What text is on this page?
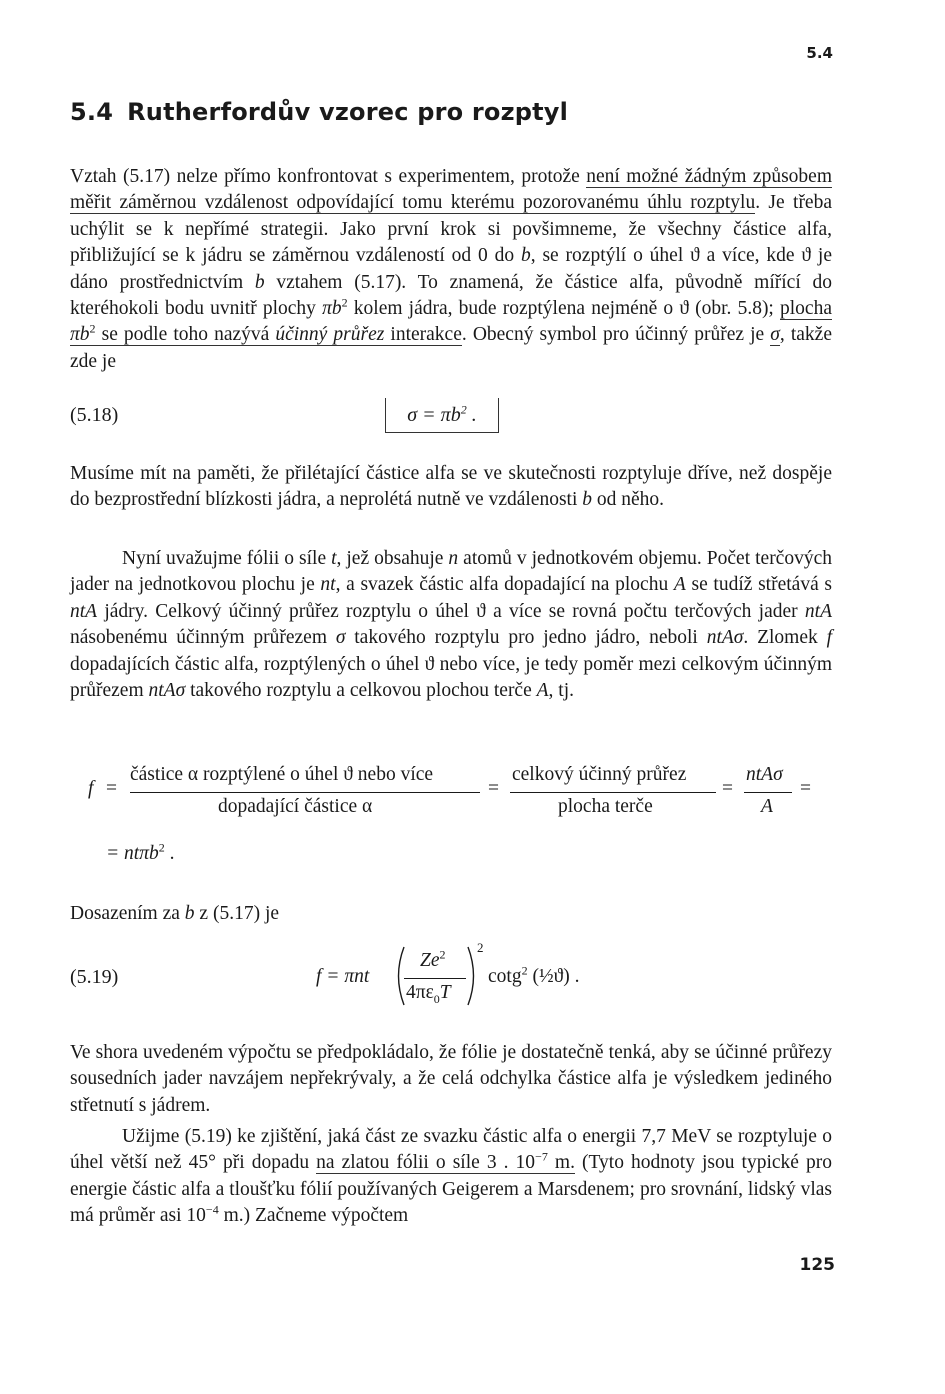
5.4
5.4 Rutherfordův vzorec pro rozptyl

Vztah (5.17) nelze přímo konfrontovat s experimentem, protože není možné žádným způsobem měřit záměrnou vzdálenost odpovídající tomu kterému pozorovanému úhlu rozptylu. Je třeba uchýlit se k nepřímé strategii. Jako první krok si povšimneme, že všechny částice alfa, přibližující se k jádru se záměrnou vzdáleností od 0 do b, se rozptýlí o úhel ϑ a více, kde ϑ je dáno prostřednictvím b vztahem (5.17). To znamená, že částice alfa, původně mířící do kteréhokoli bodu uvnitř plochy $\pi b^2$ kolem jádra, bude rozptýlena nejméně o ϑ (obr. 5.8); plocha $\pi b^2$ se podle toho nazývá účinný průřez interakce. Obecný symbol pro účinný průřez je σ, takže zde je

(5.18)	$\sigma = \pi b^2$ .

Musíme mít na paměti, že přilétající částice alfa se ve skutečnosti rozptyluje dříve, než dospěje do bezprostřední blízkosti jádra, a neprolétá nutně ve vzdálenosti b od něho.

Nyní uvažujme fólii o síle t, jež obsahuje n atomů v jednotkovém objemu. Počet terčových jader na jednotkovou plochu je nt, a svazek částic alfa dopadající na plochu A se tudíž střetává s ntA jádry. Celkový účinný průřez rozptylu o úhel ϑ a více se rovná počtu terčových jader ntA násobenému účinným průřezem σ takového rozptylu pro jedno jádro, neboli ntAσ. Zlomek f dopadajících částic alfa, rozptýlených o úhel ϑ nebo více, je tedy poměr mezi celkovým účinným průřezem ntAσ takového rozptylu a celkovou plochou terče A, tj.

f =
částice α rozptýlené o úhel ϑ nebo více
dopadající částice α
=
celkový účinný průřez
plocha terče
=
ntAσ
A
=
= ntπb$^2$ .

Dosazením za b z (5.17) je

(5.19)	f = πnt
Ze$^2$
$4\pi\varepsilon_0T$
2
cotg$^2$ (½ϑ) .

Ve shora uvedeném výpočtu se předpokládalo, že fólie je dostatečně tenká, aby se účinné průřezy sousedních jader navzájem nepřekrývaly, a že celá odchylka částice alfa je výsledkem jediného střetnutí s jádrem.

Užijme (5.19) ke zjištění, jaká část ze svazku částic alfa o energii 7,7 MeV se rozptyluje o úhel větší než 45° při dopadu na zlatou fólii o síle 3 . $10^{-7}$ m. (Tyto hodnoty jsou typické pro energie částic alfa a tloušťku fólií používaných Geigerem a Marsdenem; pro srovnání, lidský vlas má průměr asi $10^{-4}$ m.) Začneme výpočtem

125
